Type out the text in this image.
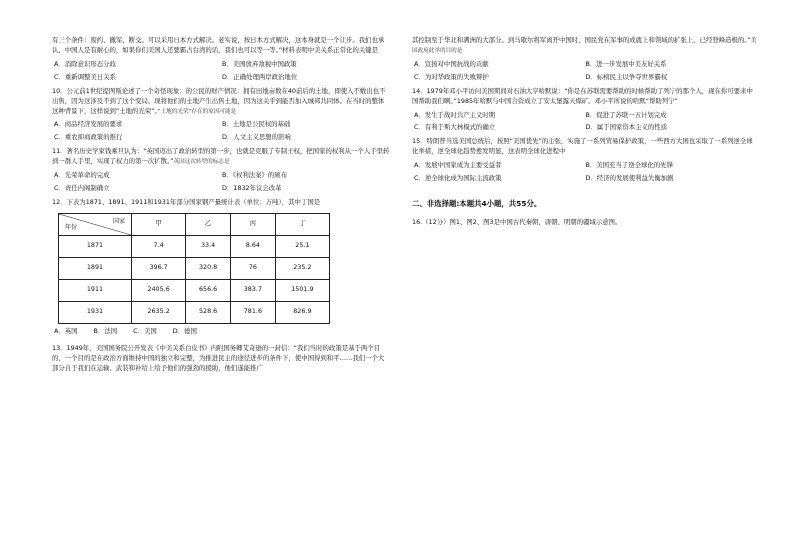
有三个条件：废约、撤军、断交。可以采用日本方式解决。老实说，按日本方式解决，这本身就是一个让步。我们也承认，中国人是有耐心的，如果你们美国人还要霸占台湾的话，我们也可以等一等。”材料表明中美关系正常化的关键是

A．消除意识形态分歧	B．美国放弃敌视中国政策
C．重新调整美日关系	D．正确处理两岸政治地位

10．公元前1世纪提图斯论述了一个奇怪现象：的公民的财产情况：拥有田地亩数在40前后的土地，即使入不敷出也不出售，因为这涉及不到了这个变局。现将他们的土地产生出售土地，因为这关乎到能否加入城邦共同体。在当时的整体这种背景下，这样说到”土地的光荣”。”土地的光荣”存在的原因可能是

A．商品经济发展的要求	B．土地是公民权的基础
C．重农抑商政策的推行	D．人文主义思想的影响

11．著名历史学家钱乘旦认为：“英国迈出了政治转型的第一步，也就是克服了专制王权，把国家的权利从一个人手里转到一群人手里，实现了权力的第一次扩散。”英国这次转型的标志是

A．光荣革命的完成	B．《权利法案》的颁布
C．责任内阁制确立	D．1832年议会改革

12．下表为1871、1891、1911和1931年部分国家钢产量统计表（单位：万吨），其中丁国是

国家
年份	甲	乙	丙	丁
1871	7.4	33.4	8.64	25.1
1891	396.7	320.8	76	235.2
1911	2405.6	656.6	383.7	1501.9
1931	2635.2	528.6	781.6	826.9
A．英国	B．法国	C．美国	D．德国

13．1949年，美国国务院公开发表《中美关系白皮书》内附国务卿艾奇逊的一封信：“我们当时的政策是基于两个目的，一个目的是在政治方面维持中国的独立和完整，为推进民主的途径进步的条件下，使中国得到和平……我们一个大部分自于我们在运输、武装和补给上给予他们的强劲的援助，他们遂能推广

其控制至于华北和满洲的大部分。到马歇尔将军离开中国时，国民党在军事的成就上和领域的扩张上，已经登峰造极的。”美国政府此举的目的是

A．宣扬对中国抗战的贡献	B．进一步发展中美友好关系
C．为对华政策的失败辩护	D．标榜民主以争夺世界霸权

14．1979年邓小平访问美国期间对石油大亨哈默说：“你是在苏联需要帮助的时候帮助了列宁的那个人，现在你可要来中国帮助我们啊。”1985年哈默与中国合资成立了安太堡露天煤矿。邓小平所说的哈默“帮助列宁”

A．发生于战时共产主义时期	B．促进了苏联一五计划完成
C．有利于斯大林模式的确立	D．属于国家资本主义的性质

15．特朗普当选美国总统后，按照“美国优先”的主张，实施了一系列贸易保护政策，一些西方大国也采取了一系列逆全球化举措，逆全球化趋势愈发明显，这表明全球化进程中

A．发展中国家成为主要受益者	B．美国充当了逆全球化的先锋
C．逆全球化成为国际主流政策	D．经济的发展使利益失衡加剧
二、非选择题:本题共4小题，共55分。

16.（12分）图1、图2、图3是中国古代秦朝、唐朝、明朝的疆域示意图。
